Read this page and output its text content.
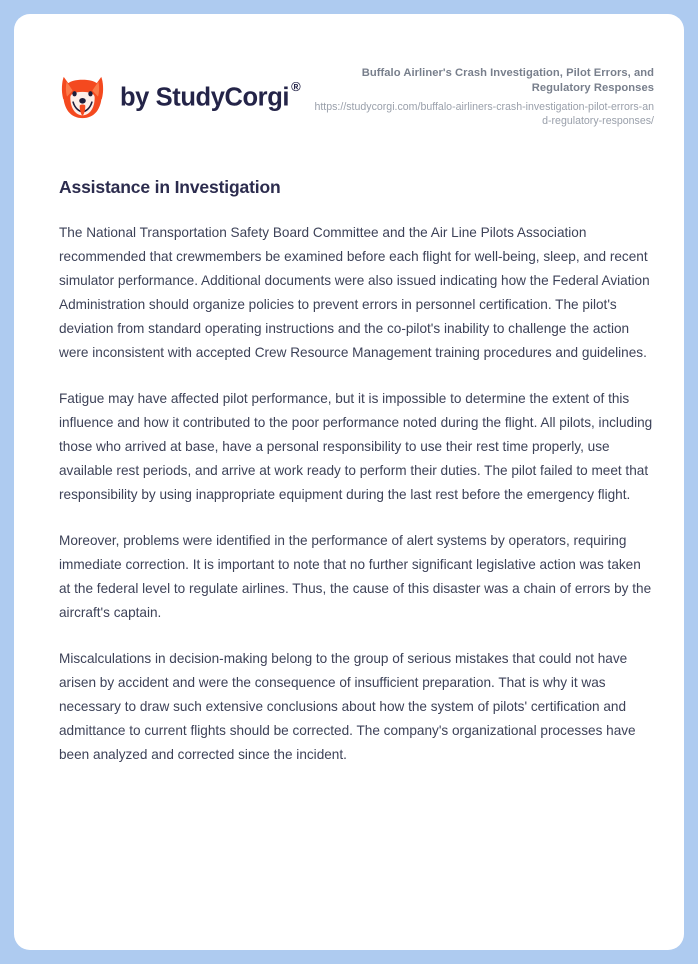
by StudyCorgi ®
Buffalo Airliner's Crash Investigation, Pilot Errors, and Regulatory Responses
https://studycorgi.com/buffalo-airliners-crash-investigation-pilot-errors-and-regulatory-responses/
Assistance in Investigation

The National Transportation Safety Board Committee and the Air Line Pilots Association recommended that crewmembers be examined before each flight for well-being, sleep, and recent simulator performance. Additional documents were also issued indicating how the Federal Aviation Administration should organize policies to prevent errors in personnel certification. The pilot's deviation from standard operating instructions and the co-pilot's inability to challenge the action were inconsistent with accepted Crew Resource Management training procedures and guidelines.

Fatigue may have affected pilot performance, but it is impossible to determine the extent of this influence and how it contributed to the poor performance noted during the flight. All pilots, including those who arrived at base, have a personal responsibility to use their rest time properly, use available rest periods, and arrive at work ready to perform their duties. The pilot failed to meet that responsibility by using inappropriate equipment during the last rest before the emergency flight.

Moreover, problems were identified in the performance of alert systems by operators, requiring immediate correction. It is important to note that no further significant legislative action was taken at the federal level to regulate airlines. Thus, the cause of this disaster was a chain of errors by the aircraft's captain.

Miscalculations in decision-making belong to the group of serious mistakes that could not have arisen by accident and were the consequence of insufficient preparation. That is why it was necessary to draw such extensive conclusions about how the system of pilots' certification and admittance to current flights should be corrected. The company's organizational processes have been analyzed and corrected since the incident.
